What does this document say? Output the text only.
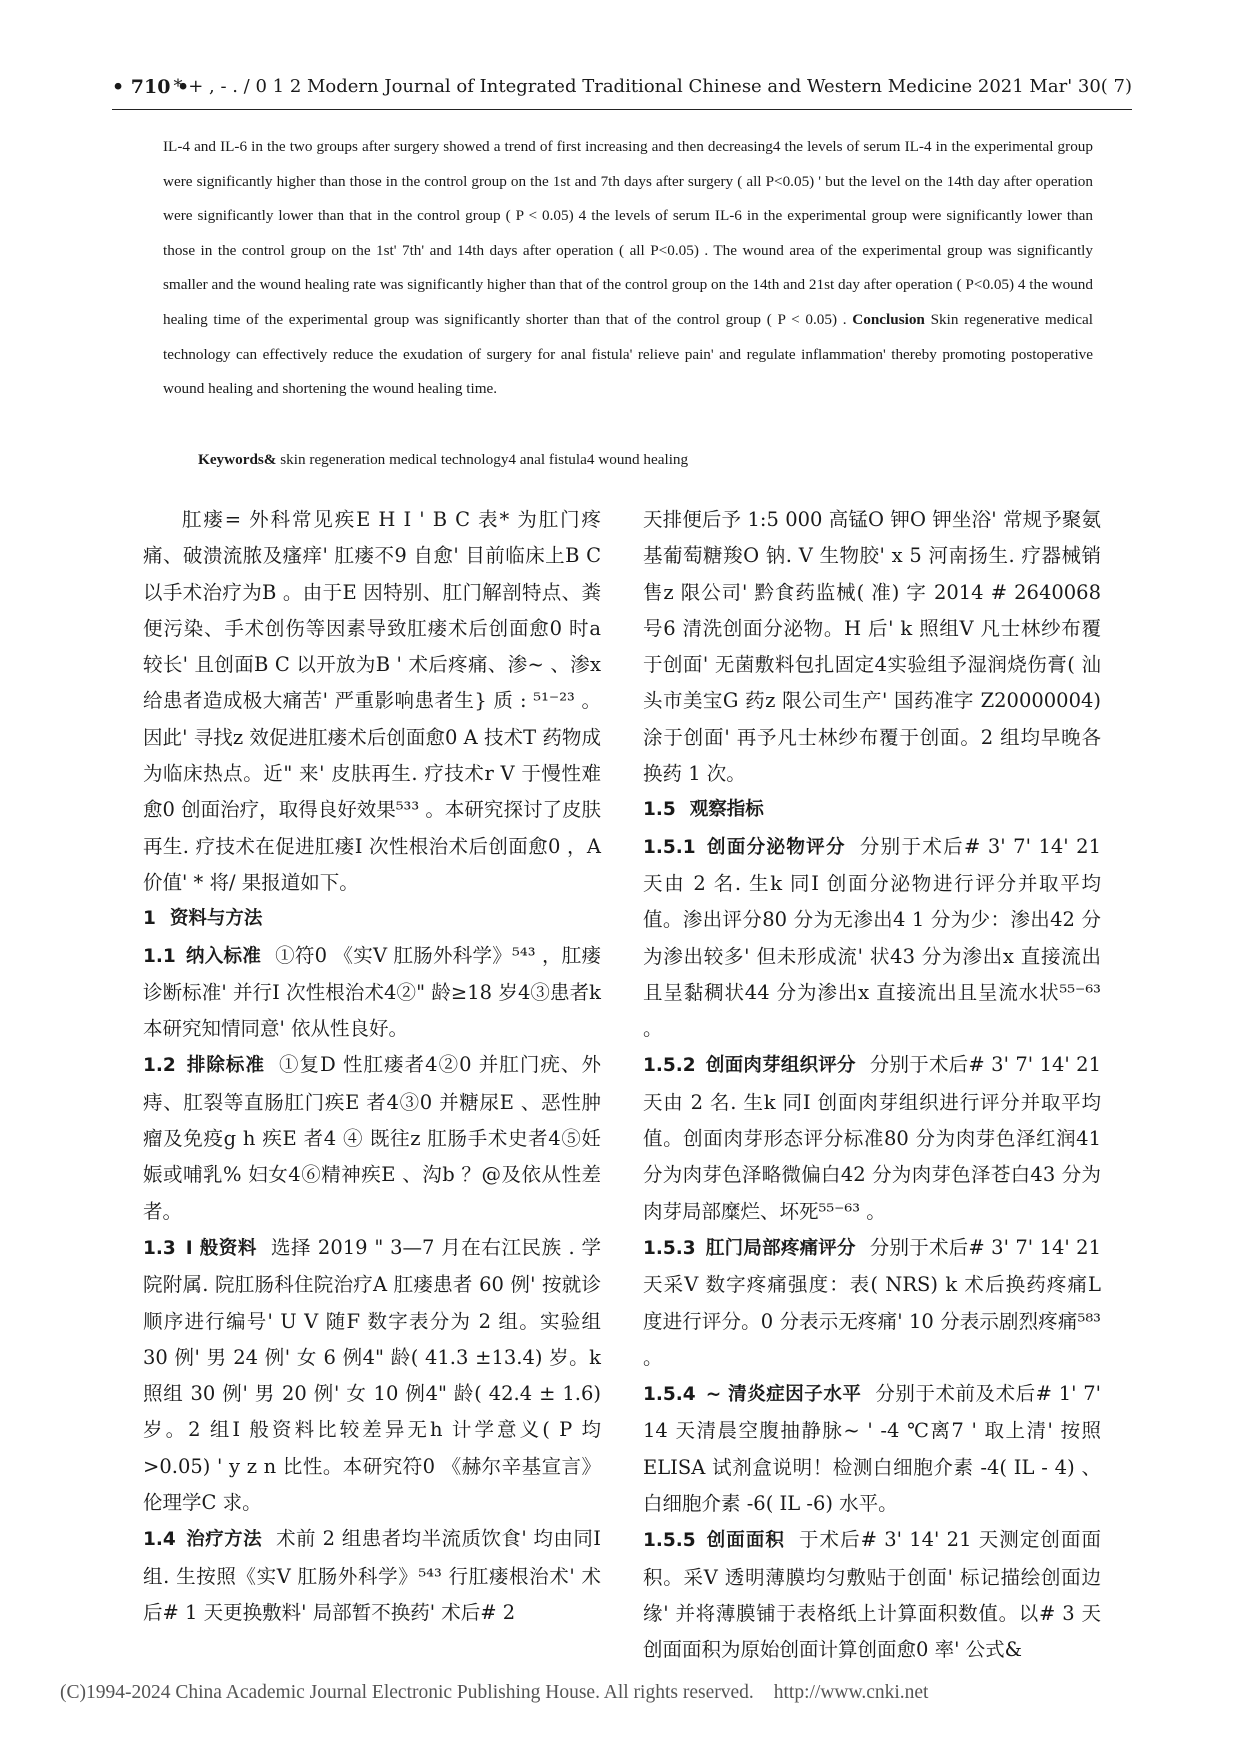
• 710 •
* + , - . / 0 1 2 Modern Journal of Integrated Traditional Chinese and Western Medicine 2021 Mar' 30( 7)

IL-4 and IL-6 in the two groups after surgery showed a trend of first increasing and then decreasing4 the levels of serum IL-4 in the experimental group were significantly higher than those in the control group on the 1st and 7th days after surgery ( all P<0.05) ' but the level on the 14th day after operation were significantly lower than that in the control group ( P < 0.05) 4 the levels of serum IL-6 in the experimental group were significantly lower than those in the control group on the 1st' 7th' and 14th days after operation ( all P<0.05) . The wound area of the experimental group was significantly smaller and the wound healing rate was significantly higher than that of the control group on the 14th and 21st day after operation ( P<0.05) 4 the wound healing time of the experimental group was significantly shorter than that of the control group ( P < 0.05) . Conclusion Skin regenerative medical technology can effectively reduce the exudation of surgery for anal fistula' relieve pain' and regulate inflammation' thereby promoting postoperative wound healing and shortening the wound healing time.

Keywords& skin regeneration medical technology4 anal fistula4 wound healing

肛瘘= 外科常见疾E H I ' B C 表* 为肛门疼痛、破溃流脓及瘙痒' 肛瘘不9 自愈' 目前临床上B C 以手术治疗为B 。由于E 因特别、肛门解剖特点、粪便污染、手术创伤等因素导致肛瘘术后创面愈0 时a 较长' 且创面B C 以开放为B ' 术后疼痛、渗~ 、渗x 给患者造成极大痛苦' 严重影响患者生} 质 : ⁵¹⁻²³ 。因此' 寻找z 效促进肛瘘术后创面愈0 A 技术T 药物成为临床热点。近" 来' 皮肤再生. 疗技术r V 于慢性难愈0 创面治疗，取得良好效果⁵³³ 。本研究探讨了皮肤再生. 疗技术在促进肛瘘I 次性根治术后创面愈0 ，A 价值' * 将/ 果报道如下。

1 资料与方法

1.1 纳入标准 ①符0 《实V 肛肠外科学》⁵⁴³ ，肛瘘诊断标准' 并行I 次性根治术4②" 龄≥18 岁4③患者k 本研究知情同意' 依从性良好。

1.2 排除标准 ①复D 性肛瘘者4②0 并肛门疣、外痔、肛裂等直肠肛门疾E 者4③0 并糖尿E 、恶性肿瘤及免疫g h 疾E 者4 ④ 既往z 肛肠手术史者4⑤妊娠或哺乳% 妇女4⑥精神疾E 、沟b ？@及依从性差者。

1.3 I 般资料 选择 2019 " 3—7 月在右江民族 . 学院附属. 院肛肠科住院治疗A 肛瘘患者 60 例' 按就诊顺序进行编号' U V 随F 数字表分为 2 组。实验组 30 例' 男 24 例' 女 6 例4" 龄( 41.3 ±13.4) 岁。k 照组 30 例' 男 20 例' 女 10 例4" 龄( 42.4 ± 1.6) 岁。2 组I 般资料比较差异无h 计学意义( P 均 >0.05) ' y z n 比性。本研究符0 《赫尔辛基宣言》伦理学C 求。

1.4 治疗方法 术前 2 组患者均半流质饮食' 均由同I 组. 生按照《实V 肛肠外科学》⁵⁴³ 行肛瘘根治术' 术后# 1 天更换敷料' 局部暂不换药' 术后# 2

天排便后予 1:5 000 高锰O 钾O 钾坐浴' 常规予聚氨基葡萄糖羧O 钠. V 生物胶' x 5 河南扬生. 疗器械销售z 限公司' 黔食药监械( 准) 字 2014 # 2640068 号6 清洗创面分泌物。H 后' k 照组V 凡士林纱布覆于创面' 无菌敷料包扎固定4实验组予湿润烧伤膏( 汕头市美宝G 药z 限公司生产' 国药准字 Z20000004) 涂于创面' 再予凡士林纱布覆于创面。2 组均早晚各换药 1 次。

1.5 观察指标

1.5.1 创面分泌物评分 分别于术后# 3' 7' 14' 21 天由 2 名. 生k 同I 创面分泌物进行评分并取平均值。渗出评分80 分为无渗出4 1 分为少：渗出42 分为渗出较多' 但未形成流' 状43 分为渗出x 直接流出且呈黏稠状44 分为渗出x 直接流出且呈流水状⁵⁵⁻⁶³ 。

1.5.2 创面肉芽组织评分 分别于术后# 3' 7' 14' 21 天由 2 名. 生k 同I 创面肉芽组织进行评分并取平均值。创面肉芽形态评分标准80 分为肉芽色泽红润41 分为肉芽色泽略微偏白42 分为肉芽色泽苍白43 分为肉芽局部糜烂、坏死⁵⁵⁻⁶³ 。

1.5.3 肛门局部疼痛评分 分别于术后# 3' 7' 14' 21 天采V 数字疼痛强度：表( NRS) k 术后换药疼痛L 度进行评分。0 分表示无疼痛' 10 分表示剧烈疼痛⁵⁸³ 。

1.5.4 ~ 清炎症因子水平 分别于术前及术后# 1' 7' 14 天清晨空腹抽静脉~ ' -4 ℃离7 ' 取上清' 按照 ELISA 试剂盒说明！检测白细胞介素 -4( IL - 4) 、白细胞介素 -6( IL -6) 水平。

1.5.5 创面面积 于术后# 3' 14' 21 天测定创面面积。采V 透明薄膜均匀敷贴于创面' 标记描绘创面边缘' 并将薄膜铺于表格纸上计算面积数值。以# 3 天创面面积为原始创面计算创面愈0 率' 公式&

(C)1994-2024 China Academic Journal Electronic Publishing House. All rights reserved. http://www.cnki.net
